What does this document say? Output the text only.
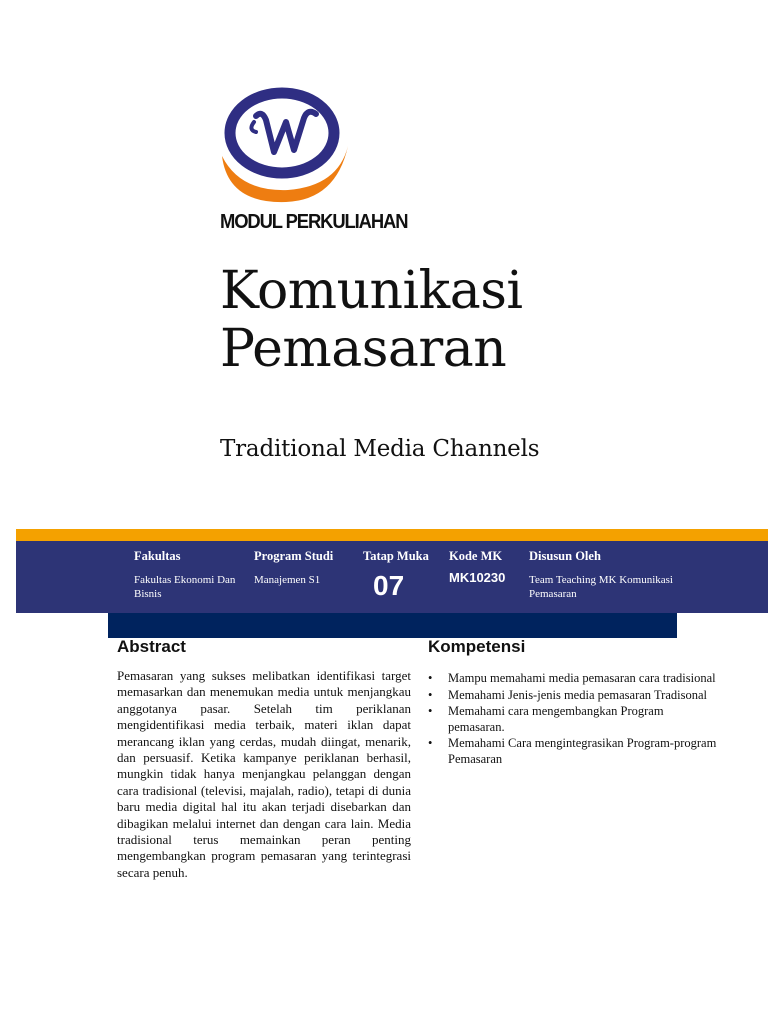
MODUL PERKULIAHAN
Komunikasi
Pemasaran
Traditional Media Channels
Fakultas
Fakultas Ekonomi Dan Bisnis
Program Studi
Manajemen S1
Tatap Muka
07
Kode MK
MK10230
Disusun Oleh
Team Teaching MK Komunikasi Pemasaran
Abstract

Pemasaran yang sukses melibatkan identifikasi target memasarkan dan menemukan media untuk menjangkau anggotanya pasar. Setelah tim periklanan mengidentifikasi media terbaik, materi iklan dapat merancang iklan yang cerdas, mudah diingat, menarik, dan persuasif. Ketika kampanye periklanan berhasil, mungkin tidak hanya menjangkau pelanggan dengan cara tradisional (televisi, majalah, radio), tetapi di dunia baru media digital hal itu akan terjadi disebarkan dan dibagikan melalui internet dan dengan cara lain. Media tradisional terus memainkan peran penting mengembangkan program pemasaran yang terintegrasi secara penuh.

Kompetensi
• Mampu memahami media pemasaran cara tradisional
• Memahami Jenis-jenis media pemasaran Tradisonal
• Memahami cara mengembangkan Program pemasaran.
• Memahami Cara mengintegrasikan Program-program Pemasaran
